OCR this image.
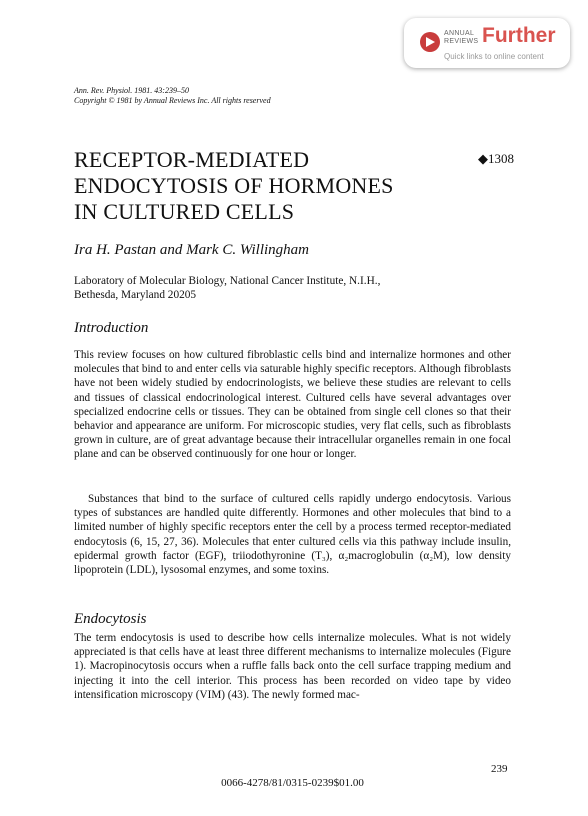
ANNUAL
REVIEWS Further
Quick links to online content
Ann. Rev. Physiol. 1981. 43:239–50
Copyright © 1981 by Annual Reviews Inc. All rights reserved
RECEPTOR-MEDIATED
ENDOCYTOSIS OF HORMONES
IN CULTURED CELLS
◆1308
Ira H. Pastan and Mark C. Willingham
Laboratory of Molecular Biology, National Cancer Institute, N.I.H.,
Bethesda, Maryland 20205
Introduction

This review focuses on how cultured fibroblastic cells bind and internalize hormones and other molecules that bind to and enter cells via saturable highly specific receptors. Although fibroblasts have not been widely studied by endocrinologists, we believe these studies are relevant to cells and tissues of classical endocrinological interest. Cultured cells have several advantages over specialized endocrine cells or tissues. They can be obtained from single cell clones so that their behavior and appearance are uniform. For microscopic studies, very flat cells, such as fibroblasts grown in culture, are of great advantage because their intracellular organelles remain in one focal plane and can be observed continuously for one hour or longer.

Substances that bind to the surface of cultured cells rapidly undergo endocytosis. Various types of substances are handled quite differently. Hormones and other molecules that bind to a limited number of highly specific receptors enter the cell by a process termed receptor-mediated endocytosis (6, 15, 27, 36). Molecules that enter cultured cells via this pathway include insulin, epidermal growth factor (EGF), triiodothyronine (T₃), α₂macroglobulin (α₂M), low density lipoprotein (LDL), lysosomal enzymes, and some toxins.

Endocytosis

The term endocytosis is used to describe how cells internalize molecules. What is not widely appreciated is that cells have at least three different mechanisms to internalize molecules (Figure 1). Macropinocytosis occurs when a ruffle falls back onto the cell surface trapping medium and injecting it into the cell interior. This process has been recorded on video tape by video intensification microscopy (VIM) (43). The newly formed mac-

239
0066-4278/81/0315-0239$01.00
